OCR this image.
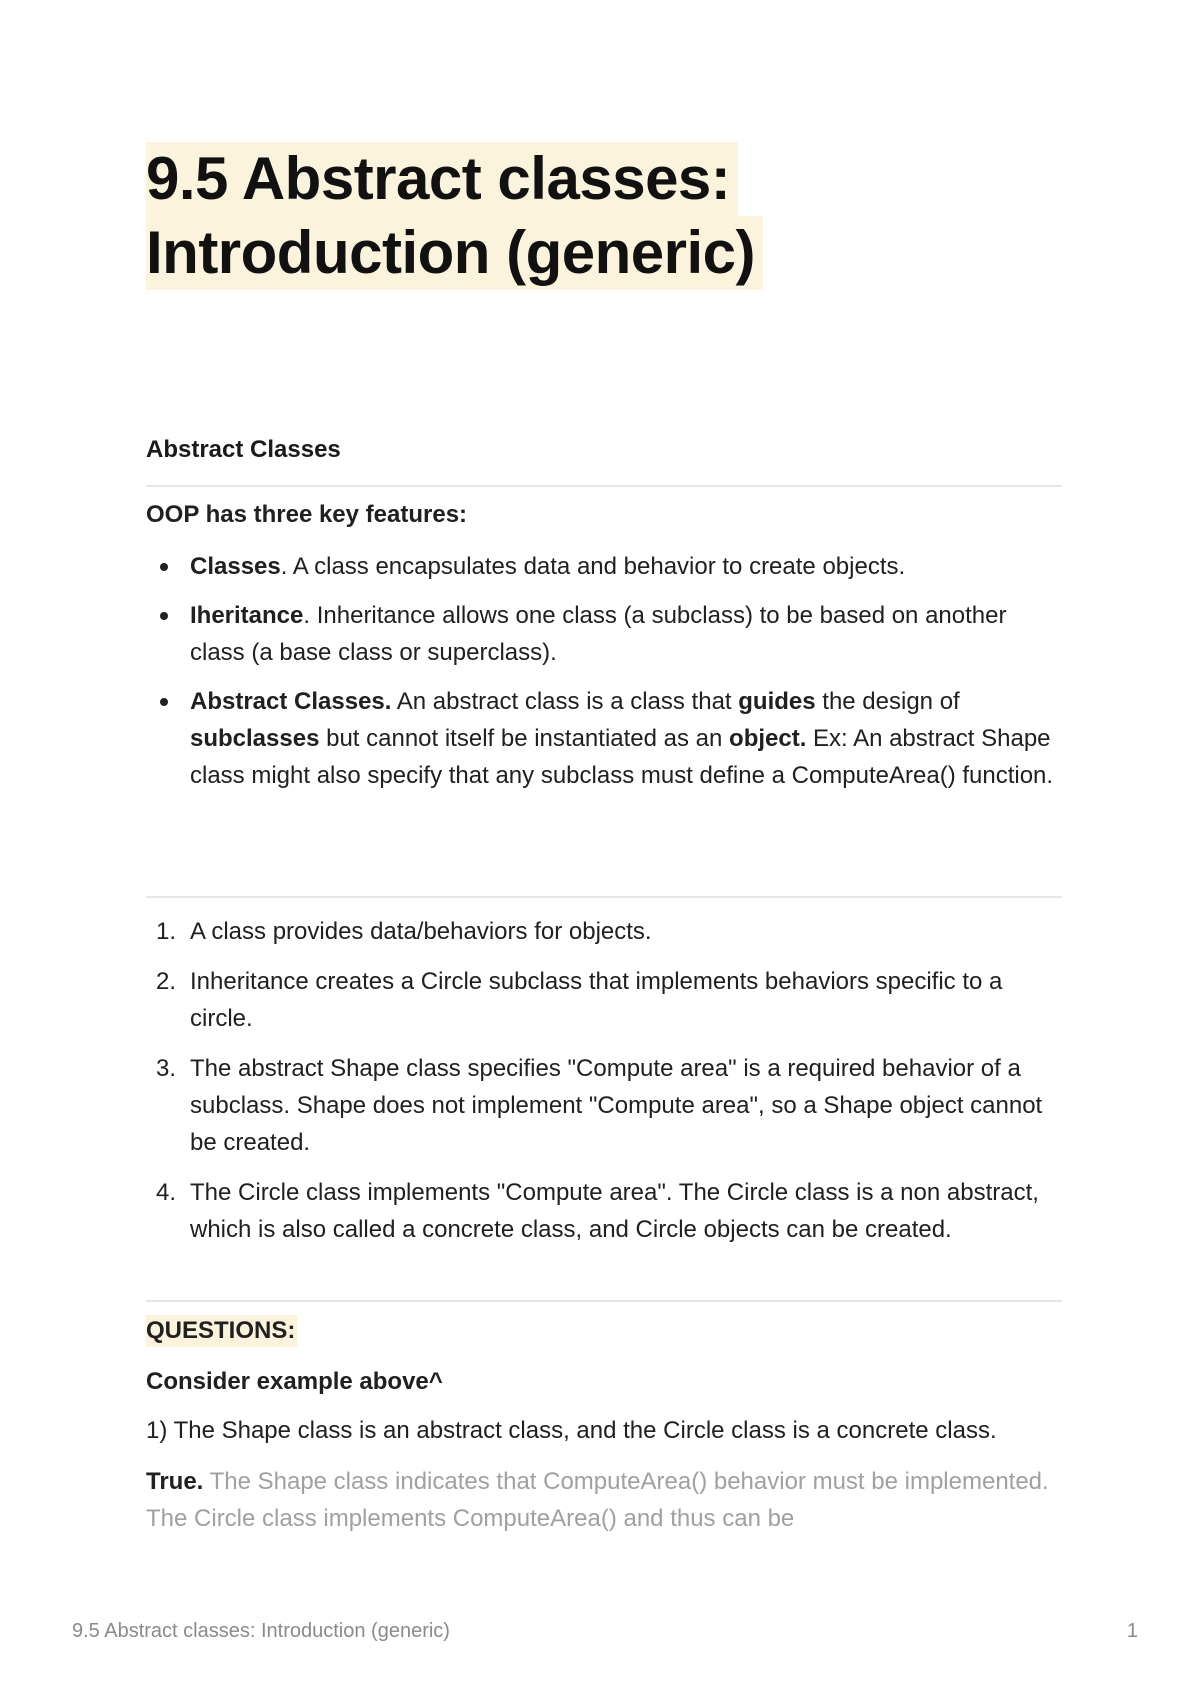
9.5 Abstract classes:
Introduction (generic)
Abstract Classes
OOP has three key features:
Classes. A class encapsulates data and behavior to create objects.
Iheritance. Inheritance allows one class (a subclass) to be based on another class (a base class or superclass).
Abstract Classes. An abstract class is a class that guides the design of subclasses but cannot itself be instantiated as an object. Ex: An abstract Shape class might also specify that any subclass must define a ComputeArea() function.
1. A class provides data/behaviors for objects.
2. Inheritance creates a Circle subclass that implements behaviors specific to a circle.
3. The abstract Shape class specifies "Compute area" is a required behavior of a subclass. Shape does not implement "Compute area", so a Shape object cannot be created.
4. The Circle class implements "Compute area". The Circle class is a non abstract, which is also called a concrete class, and Circle objects can be created.
QUESTIONS:
Consider example above^
1) The Shape class is an abstract class, and the Circle class is a concrete class.
True. The Shape class indicates that ComputeArea() behavior must be implemented. The Circle class implements ComputeArea() and thus can be
9.5 Abstract classes: Introduction (generic)	1
